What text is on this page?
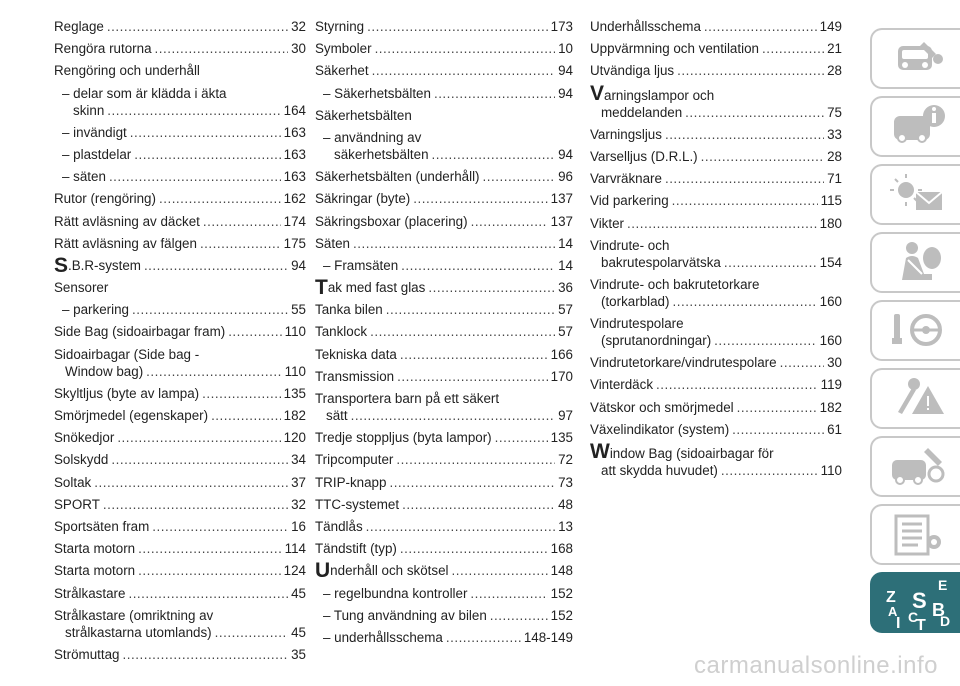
Reglage . . .	32
Rengöra rutorna . . .	30
Rengöring och underhåll
– delar som är klädda i äkta
skinn . . .	164
– invändigt . . .	163
– plastdelar . . .	163
– säten . . .	163
Rutor (rengöring) . . .	162
Rätt avläsning av däcket . . .	174
Rätt avläsning av fälgen . . .	175
S .B.R-system . . .	94
Sensorer
– parkering . . .	55
Side Bag (sidoairbagar fram) . . .	110
Sidoairbagar (Side bag -
Window bag) . . .	110
Skyltljus (byte av lampa) . . .	135
Smörjmedel (egenskaper) . . .	182
Snökedjor . . .	120
Solskydd . . .	34
Soltak . . .	37
SPORT . . .	32
Sportsäten fram . . .	16
Starta motorn . . .	114
Starta motorn . . .	124
Strålkastare . . .	45
Strålkastare (omriktning av
strålkastarna utomlands) . . .	45
Strömuttag . . .	35
Styrning . . .	173
Symboler . . .	10
Säkerhet . . .	94
– Säkerhetsbälten . . .	94
Säkerhetsbälten
– användning av
säkerhetsbälten . . .	94
Säkerhetsbälten (underhåll) . . .	96
Säkringar (byte) . . .	137
Säkringsboxar (placering) . . .	137
Säten . . .	14
– Framsäten . . .	14
T ak med fast glas . . .	36
Tanka bilen . . .	57
Tanklock . . .	57
Tekniska data . . .	166
Transmission . . .	170
Transportera barn på ett säkert
sätt . . .	97
Tredje stoppljus (byta lampor) . . .	135
Tripcomputer . . .	72
TRIP-knapp . . .	73
TTC-systemet . . .	48
Tändlås . . .	13
Tändstift (typ) . . .	168
U nderhåll och skötsel . . .	148
– regelbundna kontroller . . .	152
– Tung användning av bilen . . .	152
– underhållsschema . . .	148-149
Underhållsschema . . .	149
Uppvärmning och ventilation . . .	21
Utvändiga ljus . . .	28
Varningslampor och
meddelanden . . .	75
Varningsljus . . .	33
Varselljus (D.R.L.) . . .	28
Varvräknare . . .	71
Vid parkering . . .	115
Vikter . . .	180
Vindrute- och
bakrutespolarvätska . . .	154
Vindrute- och bakrutetorkare
(torkarblad) . . .	160
Vindrutespolare
(sprutanordningar) . . .	160
Vindrutetorkare/vindrutespolare . . .	30
Vinterdäck . . .	119
Vätskor och smörjmedel . . .	182
Växelindikator (system) . . .	61
Window Bag (sidoairbagar för
att skydda huvudet) . . .	110
Z
E
S
A B
C D
I T
carmanualsonline.info
